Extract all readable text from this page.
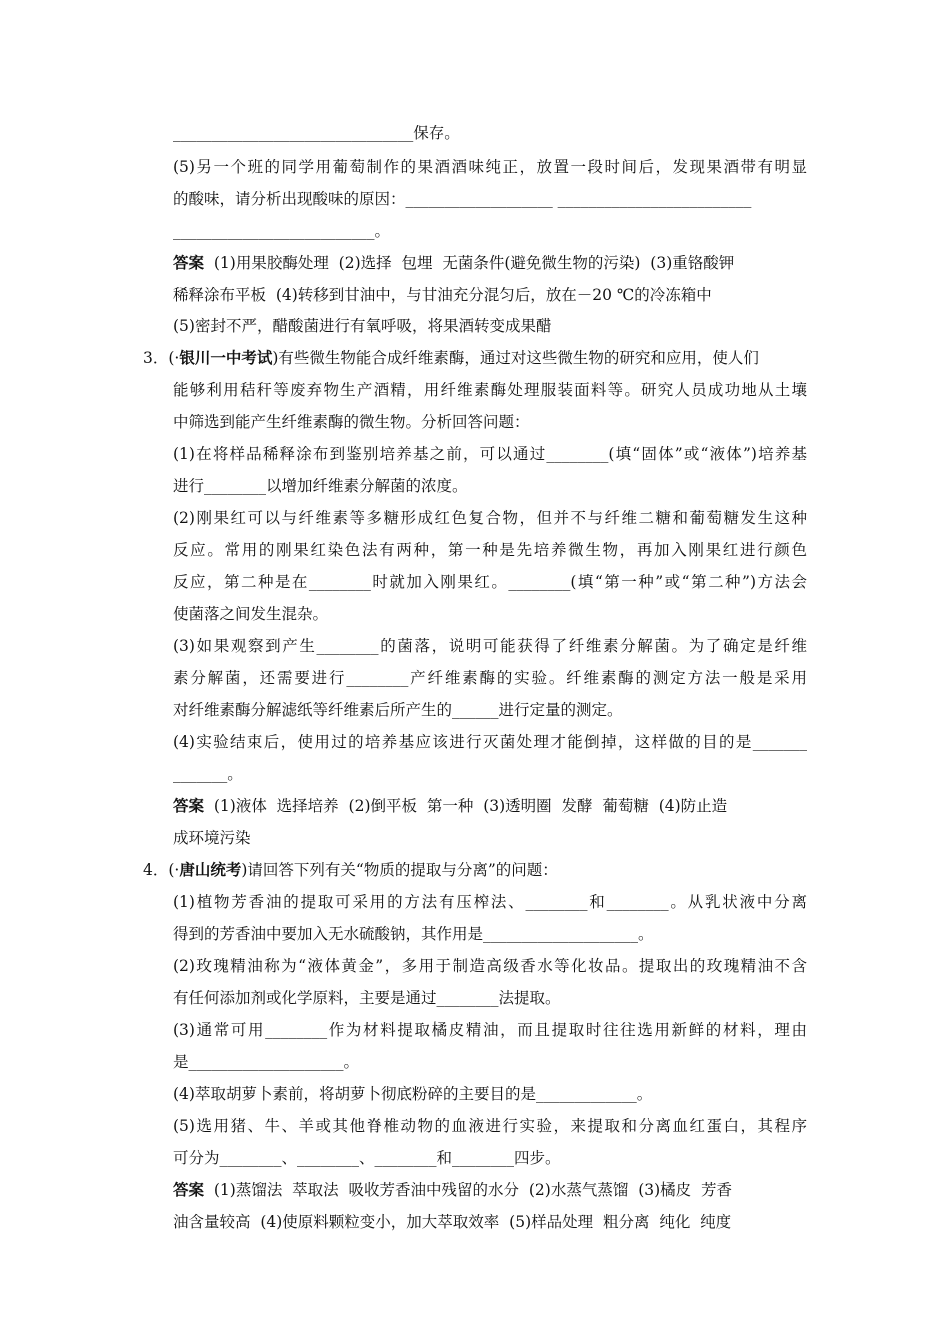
_______________________________保存。
(5)另一个班的同学用葡萄制作的果酒酒味纯正，放置一段时间后，发现果酒带有明显
的酸味，请分析出现酸味的原因：___________________ _________________________
__________________________。
答案  (1)用果胶酶处理  (2)选择  包埋  无菌条件(避免微生物的污染)  (3)重铬酸钾
稀释涂布平板  (4)转移到甘油中，与甘油充分混匀后，放在－20 ℃的冷冻箱中
(5)密封不严，醋酸菌进行有氧呼吸，将果酒转变成果醋
3．(·银川一中考试)有些微生物能合成纤维素酶，通过对这些微生物的研究和应用，使人们
能够利用秸秆等废弃物生产酒精，用纤维素酶处理服装面料等。研究人员成功地从土壤
中筛选到能产生纤维素酶的微生物。分析回答问题：
(1)在将样品稀释涂布到鉴别培养基之前，可以通过________(填“固体”或“液体”)培养基
进行________以增加纤维素分解菌的浓度。
(2)刚果红可以与纤维素等多糖形成红色复合物，但并不与纤维二糖和葡萄糖发生这种
反应。常用的刚果红染色法有两种，第一种是先培养微生物，再加入刚果红进行颜色
反应，第二种是在________时就加入刚果红。________(填“第一种”或“第二种”)方法会
使菌落之间发生混杂。
(3)如果观察到产生________的菌落，说明可能获得了纤维素分解菌。为了确定是纤维
素分解菌，还需要进行________产纤维素酶的实验。纤维素酶的测定方法一般是采用
对纤维素酶分解滤纸等纤维素后所产生的______进行定量的测定。
(4)实验结束后，使用过的培养基应该进行灭菌处理才能倒掉，这样做的目的是_______
_______。
答案  (1)液体  选择培养  (2)倒平板  第一种  (3)透明圈  发酵  葡萄糖  (4)防止造
成环境污染
4．(·唐山统考)请回答下列有关“物质的提取与分离”的问题：
(1)植物芳香油的提取可采用的方法有压榨法、________和________。从乳状液中分离
得到的芳香油中要加入无水硫酸钠，其作用是____________________。
(2)玫瑰精油称为“液体黄金”，多用于制造高级香水等化妆品。提取出的玫瑰精油不含
有任何添加剂或化学原料，主要是通过________法提取。
(3)通常可用________作为材料提取橘皮精油，而且提取时往往选用新鲜的材料，理由
是____________________。
(4)萃取胡萝卜素前，将胡萝卜彻底粉碎的主要目的是_____________。
(5)选用猪、牛、羊或其他脊椎动物的血液进行实验，来提取和分离血红蛋白，其程序
可分为________、________、________和________四步。
答案  (1)蒸馏法  萃取法  吸收芳香油中残留的水分  (2)水蒸气蒸馏  (3)橘皮  芳香
油含量较高  (4)使原料颗粒变小，加大萃取效率  (5)样品处理  粗分离  纯化  纯度
